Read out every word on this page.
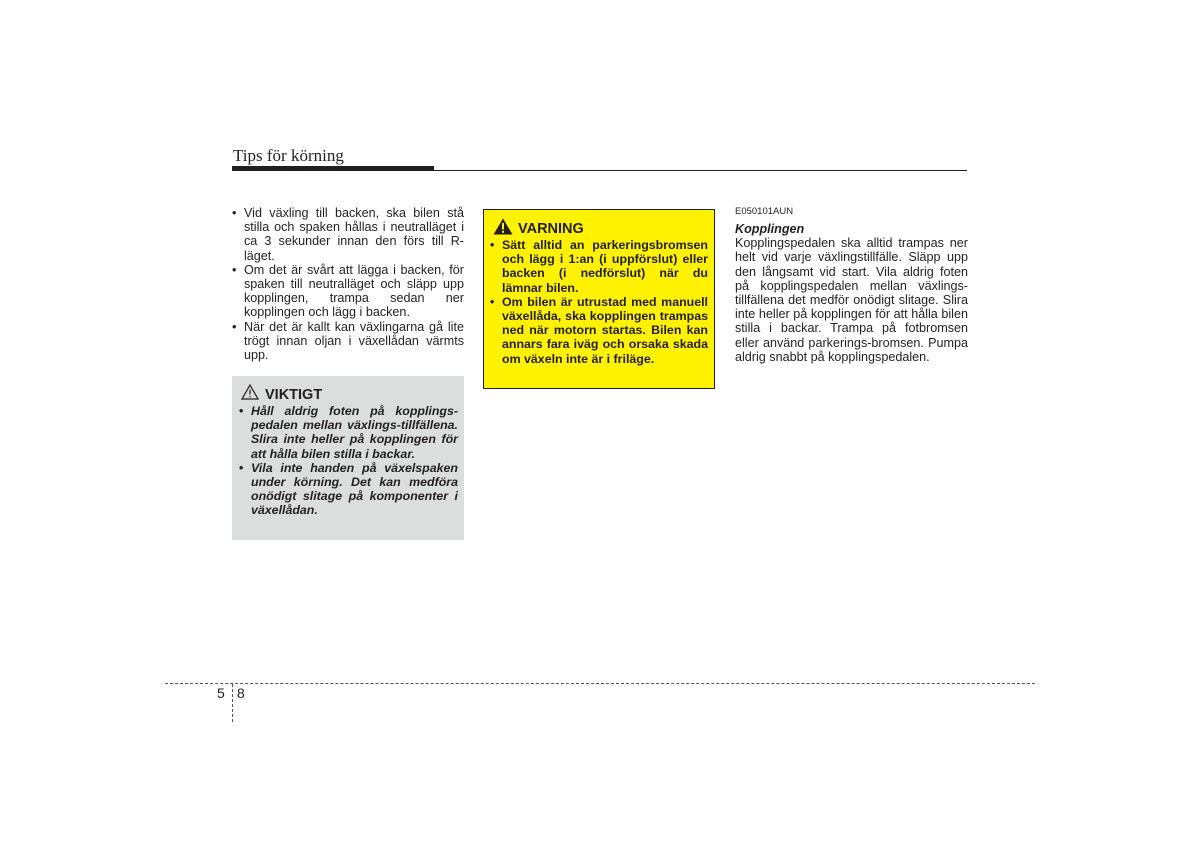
Tips för körning
• Vid växling till backen, ska bilen stå stilla och spaken hållas i neutralläget i ca 3 sekunder innan den förs till R-läget.
• Om det är svårt att lägga i backen, för spaken till neutralläget och släpp upp kopplingen, trampa sedan ner kopplingen och lägg i backen.
• När det är kallt kan växlingarna gå lite trögt innan oljan i växellådan värmts upp.
VIKTIGT
• Håll aldrig foten på kopplings-pedalen mellan växlings-tillfällena. Slira inte heller på kopplingen för att hålla bilen stilla i backar.
• Vila inte handen på växelspaken under körning. Det kan medföra onödigt slitage på komponenter i växellådan.
VARNING
• Sätt alltid an parkeringsbromsen och lägg i 1:an (i uppförslut) eller backen (i nedförslut) när du lämnar bilen.
• Om bilen är utrustad med manuell växellåda, ska kopplingen trampas ned när motorn startas. Bilen kan annars fara iväg och orsaka skada om växeln inte är i friläge.
E050101AUN
Kopplingen
Kopplingspedalen ska alltid trampas ner helt vid varje växlingstillfälle. Släpp upp den långsamt vid start. Vila aldrig foten på kopplingspedalen mellan växlings-tillfällena det medför onödigt slitage. Slira inte heller på kopplingen för att hålla bilen stilla i backar. Trampa på fotbromsen eller använd parkerings-bromsen. Pumpa aldrig snabbt på kopplingspedalen.
5 8
